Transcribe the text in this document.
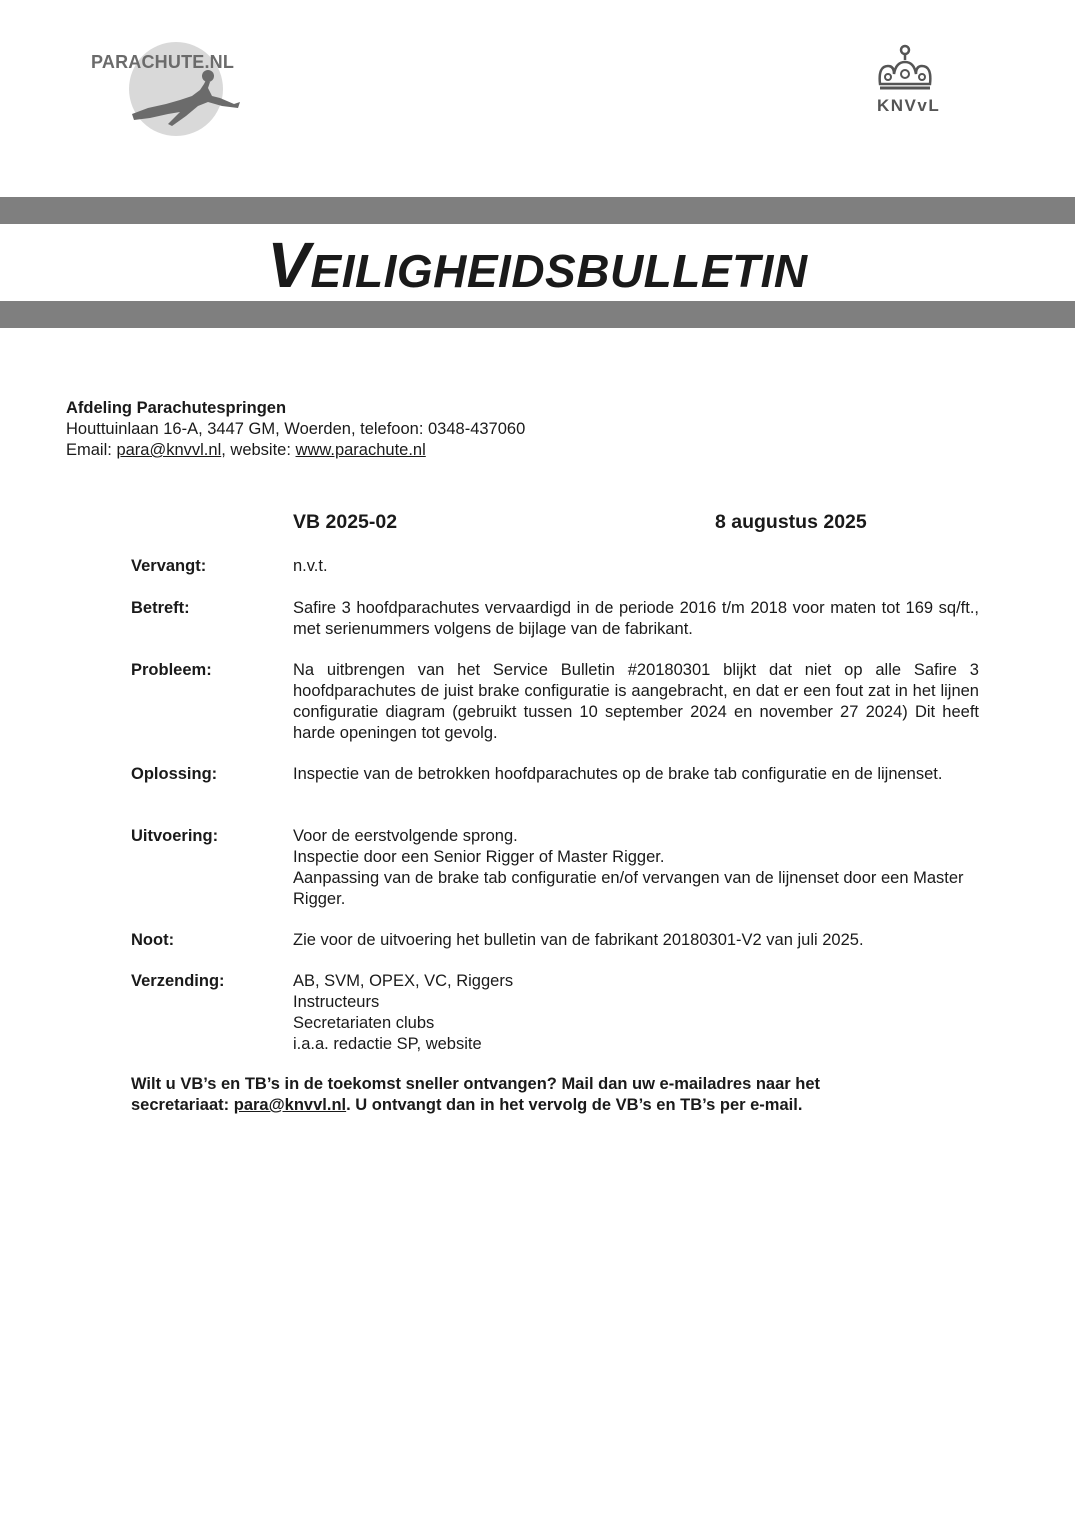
PARACHUTE.NL
KNVvL
VEILIGHEIDSBULLETIN
Afdeling Parachutespringen
Houttuinlaan 16-A, 3447 GM, Woerden, telefoon: 0348-437060
Email: para@knvvl.nl, website: www.parachute.nl
VB 2025-02	8 augustus 2025
Vervangt:	n.v.t.
Betreft:	Safire 3 hoofdparachutes vervaardigd in de periode 2016 t/m 2018 voor maten tot 169 sq/ft., met serienummers volgens de bijlage van de fabrikant.
Probleem:	Na uitbrengen van het Service Bulletin #20180301 blijkt dat niet op alle Safire 3 hoofdparachutes de juist brake configuratie is aangebracht, en dat er een fout zat in het lijnen configuratie diagram (gebruikt tussen 10 september 2024 en november 27 2024) Dit heeft harde openingen tot gevolg.
Oplossing:	Inspectie van de betrokken hoofdparachutes op de brake tab configuratie en de lijnenset.
Uitvoering:	Voor de eerstvolgende sprong.
Inspectie door een Senior Rigger of Master Rigger.
Aanpassing van de brake tab configuratie en/of vervangen van de lijnenset door een Master Rigger.
Noot:	Zie voor de uitvoering het bulletin van de fabrikant 20180301-V2 van juli 2025.
Verzending:	AB, SVM, OPEX, VC, Riggers
Instructeurs
Secretariaten clubs
i.a.a. redactie SP, website
Wilt u VB’s en TB’s in de toekomst sneller ontvangen? Mail dan uw e-mailadres naar het
secretariaat: para@knvvl.nl. U ontvangt dan in het vervolg de VB’s en TB’s per e-mail.
